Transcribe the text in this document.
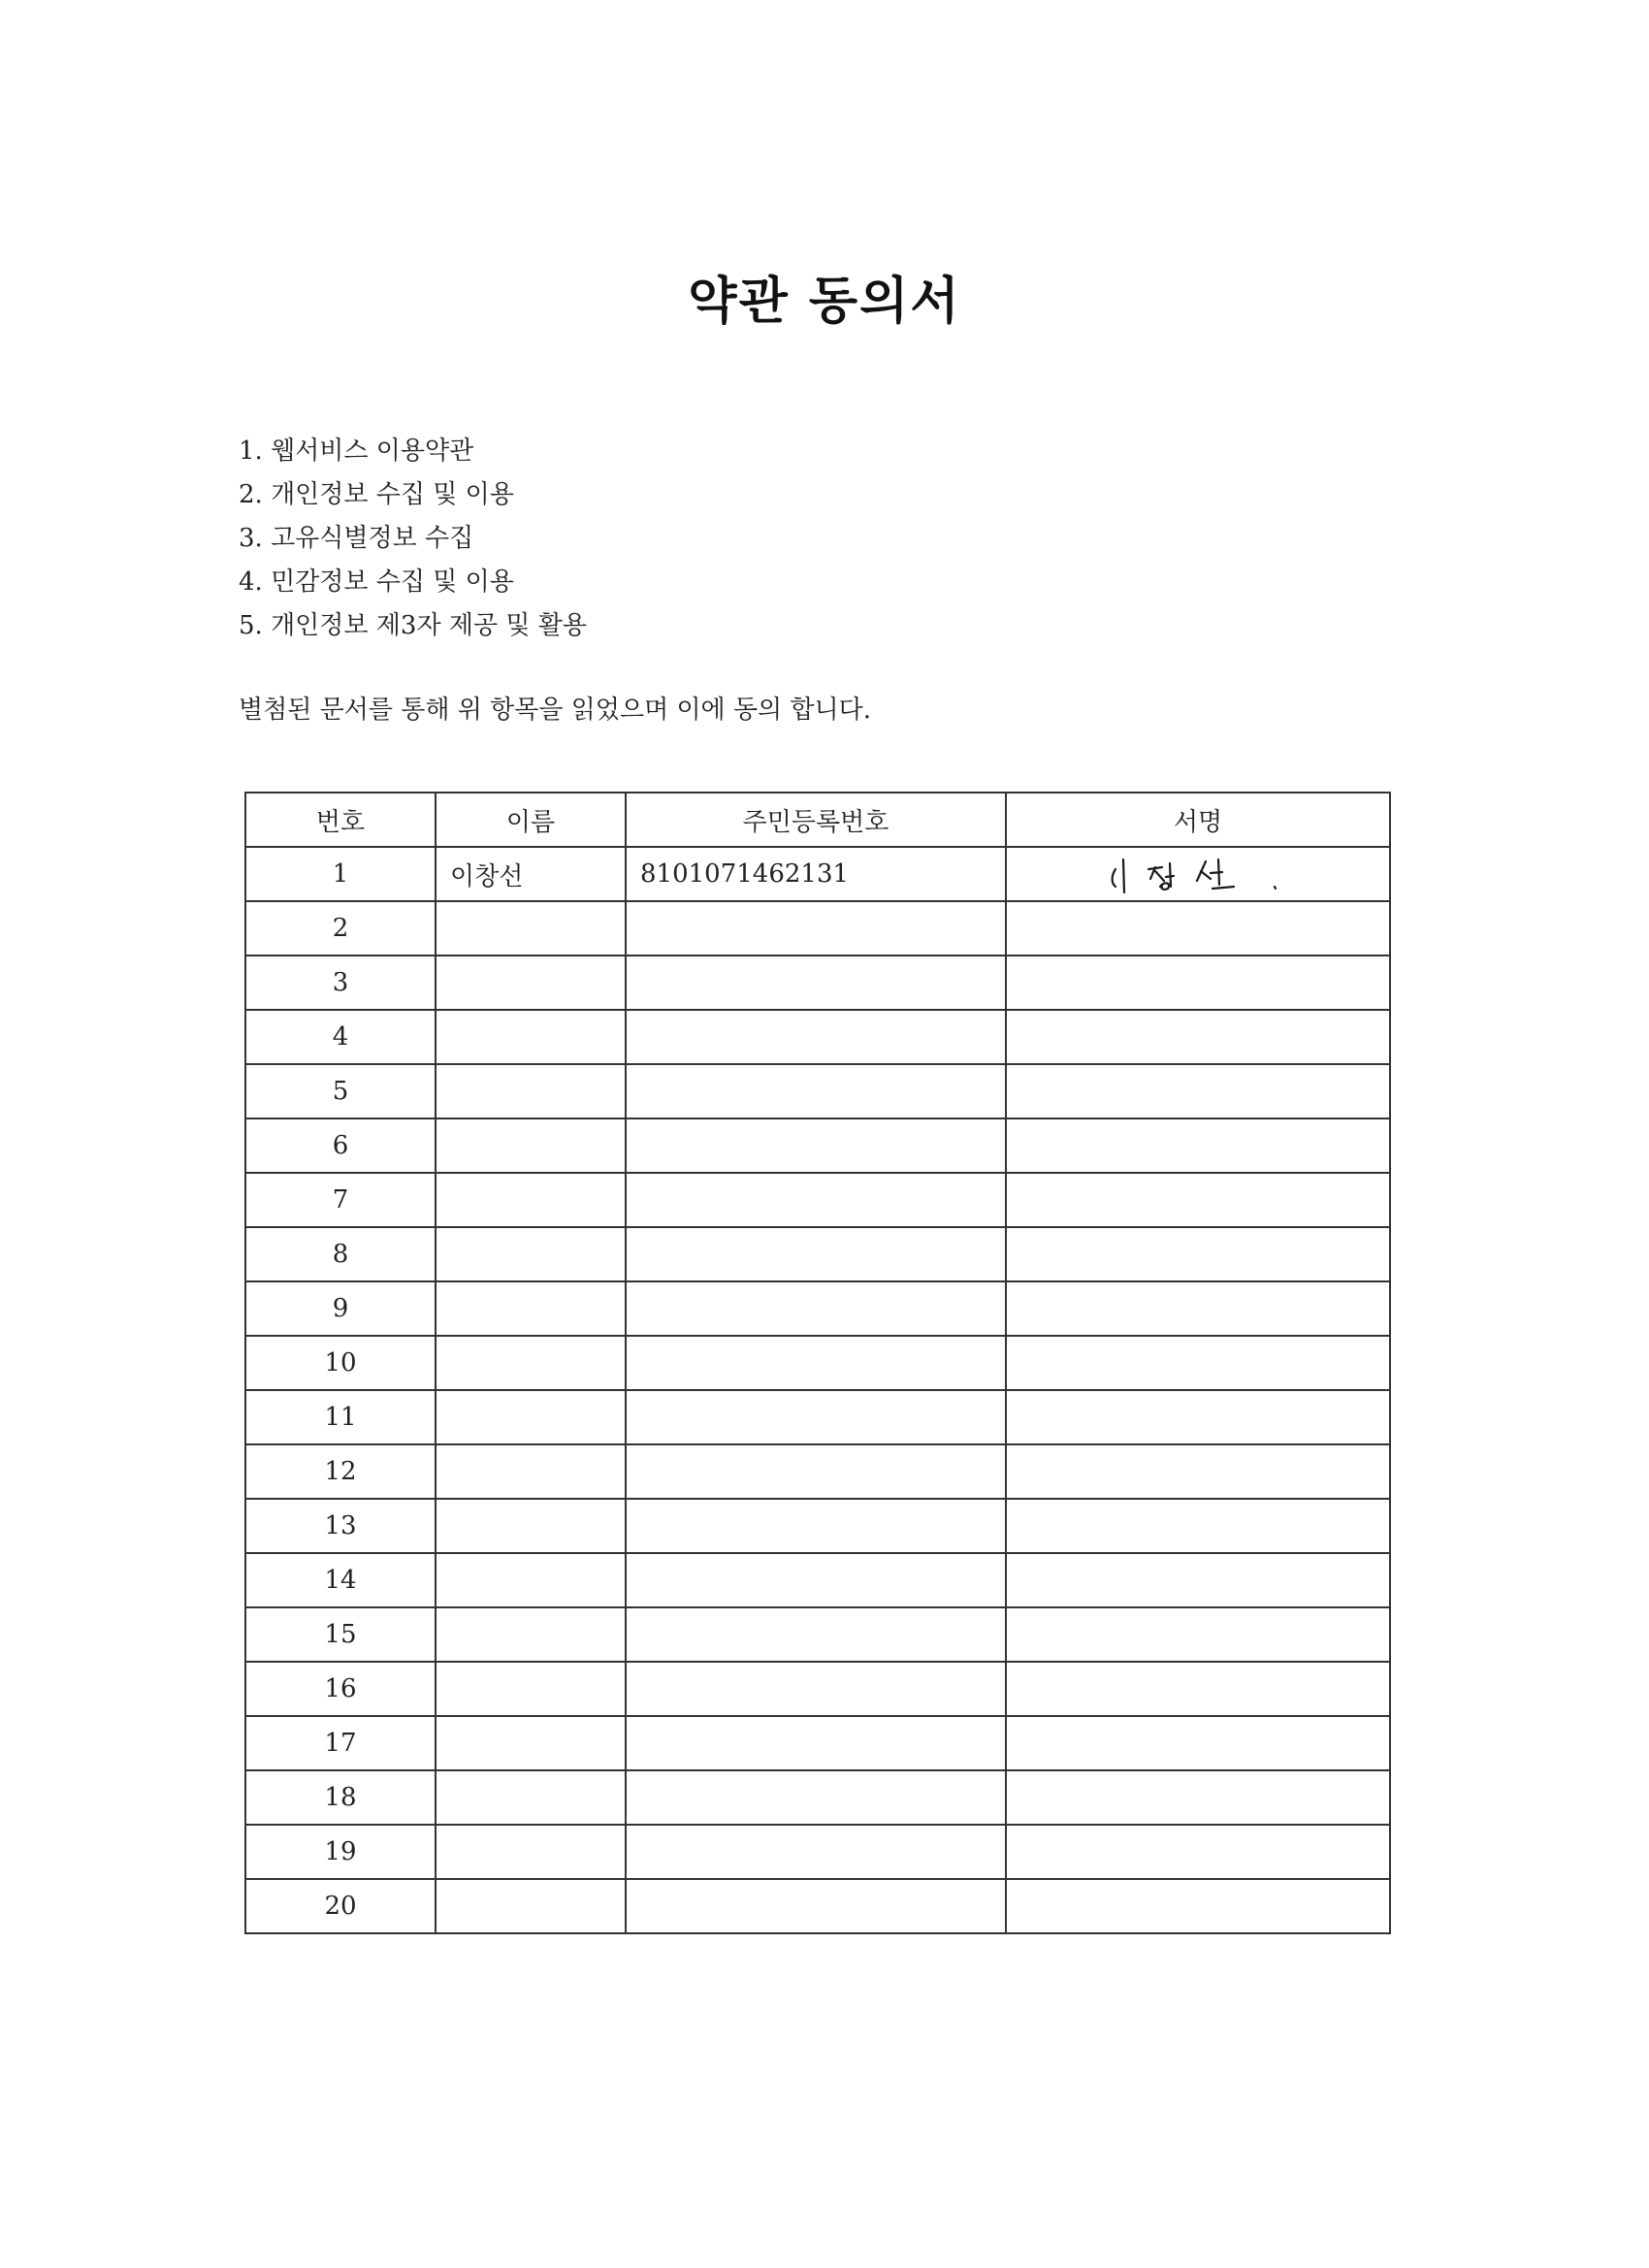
약관 동의서
1. 웹서비스 이용약관
2. 개인정보 수집 및 이용
3. 고유식별정보 수집
4. 민감정보 수집 및 이용
5. 개인정보 제3자 제공 및 활용
별첨된 문서를 통해 위 항목을 읽었으며 이에 동의 합니다.
번호	이름	주민등록번호	서명
1	이창선	8101071462131	

2			
3			
4			
5			
6			
7			
8			
9			
10			
11			
12			
13			
14			
15			
16			
17			
18			
19			
20			
